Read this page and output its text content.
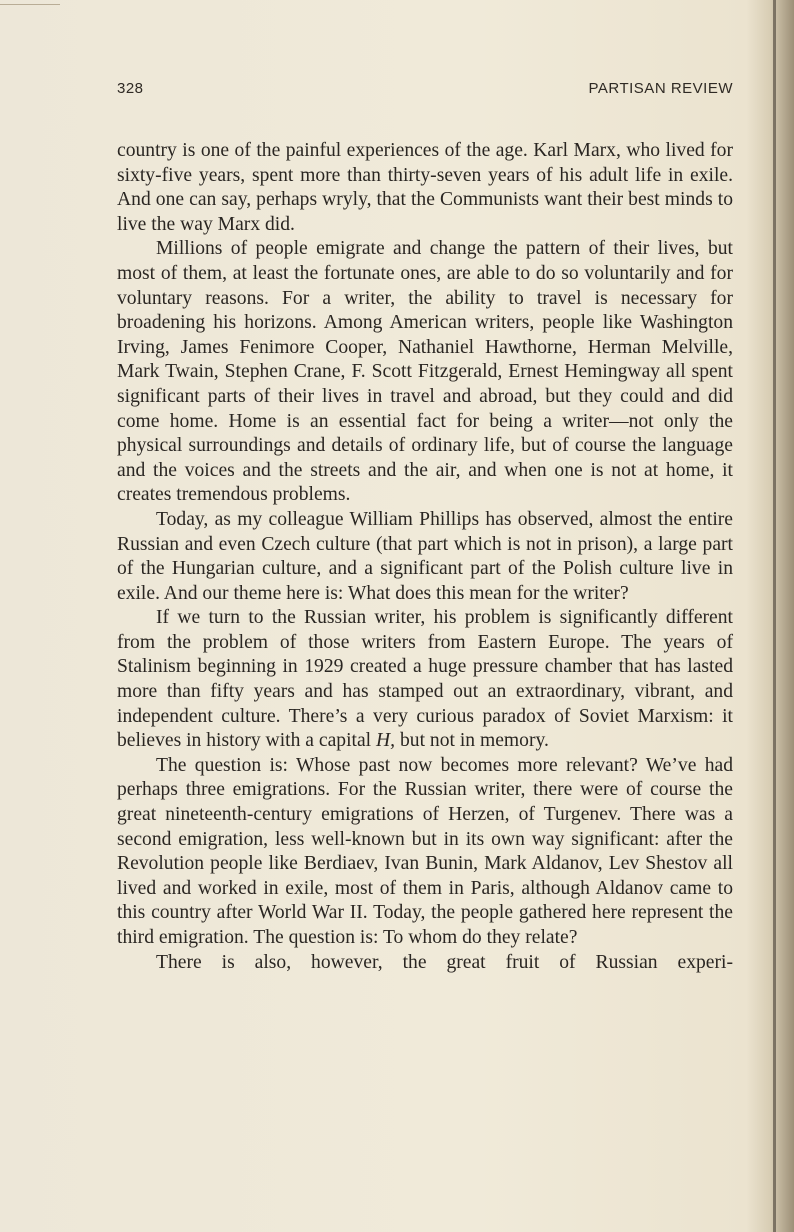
328	PARTISAN REVIEW

country is one of the painful experiences of the age. Karl Marx, who lived for sixty-five years, spent more than thirty-seven years of his adult life in exile. And one can say, perhaps wryly, that the Communists want their best minds to live the way Marx did.

Millions of people emigrate and change the pattern of their lives, but most of them, at least the fortunate ones, are able to do so voluntarily and for voluntary reasons. For a writer, the ability to travel is necessary for broadening his horizons. Among American writers, people like Washington Irving, James Fenimore Cooper, Nathaniel Hawthorne, Herman Melville, Mark Twain, Stephen Crane, F. Scott Fitzgerald, Ernest Hemingway all spent significant parts of their lives in travel and abroad, but they could and did come home. Home is an essential fact for being a writer—not only the physical surroundings and details of ordinary life, but of course the language and the voices and the streets and the air, and when one is not at home, it creates tremendous problems.

Today, as my colleague William Phillips has observed, almost the entire Russian and even Czech culture (that part which is not in prison), a large part of the Hungarian culture, and a significant part of the Polish culture live in exile. And our theme here is: What does this mean for the writer?

If we turn to the Russian writer, his problem is significantly different from the problem of those writers from Eastern Europe. The years of Stalinism beginning in 1929 created a huge pressure chamber that has lasted more than fifty years and has stamped out an extraordinary, vibrant, and independent culture. There’s a very curious paradox of Soviet Marxism: it believes in history with a capital H, but not in memory.

The question is: Whose past now becomes more relevant? We’ve had perhaps three emigrations. For the Russian writer, there were of course the great nineteenth-century emigrations of Herzen, of Turgenev. There was a second emigration, less well-known but in its own way significant: after the Revolution people like Berdiaev, Ivan Bunin, Mark Aldanov, Lev Shestov all lived and worked in exile, most of them in Paris, although Aldanov came to this country after World War II. Today, the people gathered here represent the third emigration. The question is: To whom do they relate?

There is also, however, the great fruit of Russian experi-
